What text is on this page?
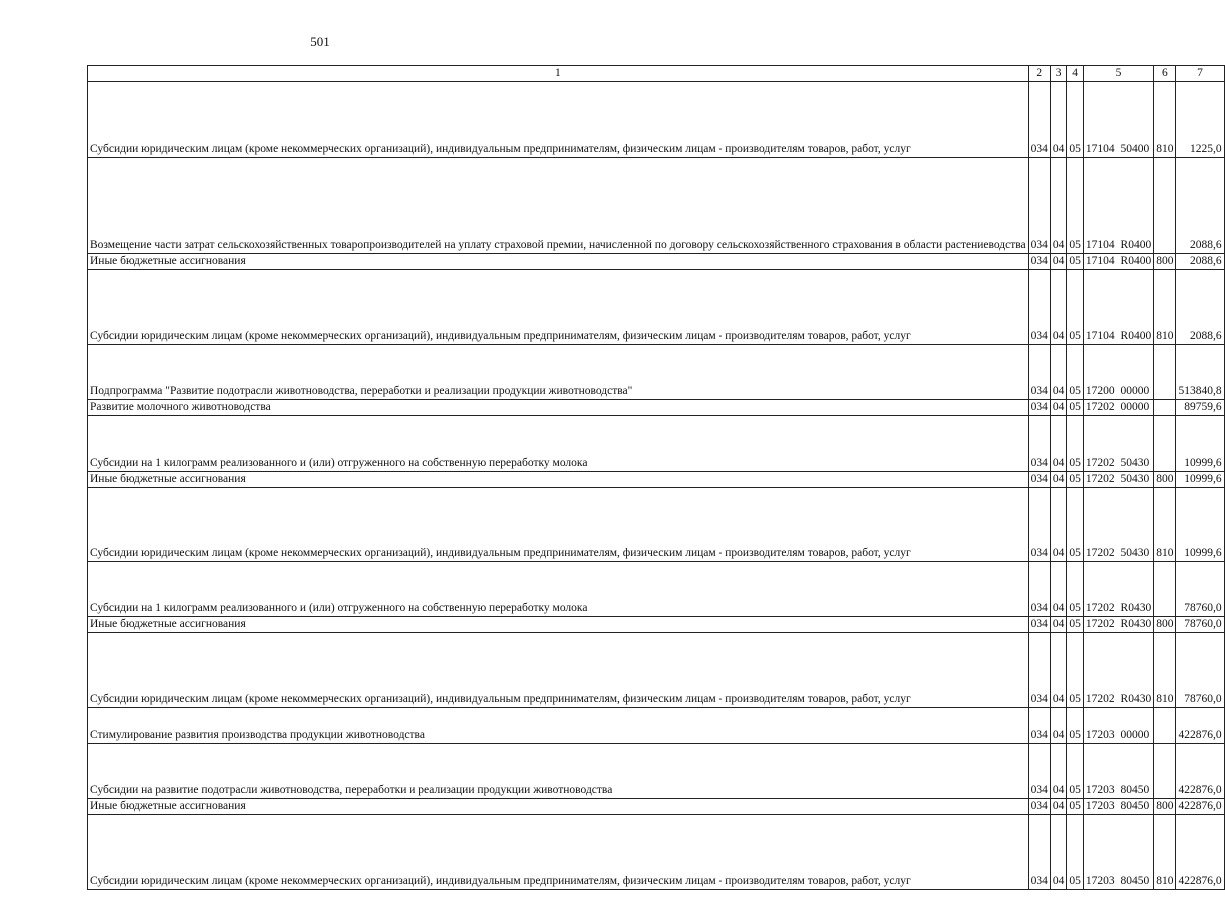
501
1	2	3	4	5	6	7
Субсидии юридическим лицам (кроме некоммерческих организаций), индивидуальным предпринимателям, физическим лицам - производителям товаров, работ, услуг	034	04	05	17104 50400	810	1225,0
Возмещение части затрат сельскохозяйственных товаропроизводителей на уплату страховой премии, начисленной по договору сельскохозяйственного страхования в области растениеводства	034	04	05	17104 R0400		2088,6
Иные бюджетные ассигнования	034	04	05	17104 R0400	800	2088,6
Субсидии юридическим лицам (кроме некоммерческих организаций), индивидуальным предпринимателям, физическим лицам - производителям товаров, работ, услуг	034	04	05	17104 R0400	810	2088,6
Подпрограмма "Развитие подотрасли животноводства, переработки и реализации продукции животноводства"	034	04	05	17200 00000		513840,8
Развитие молочного животноводства	034	04	05	17202 00000		89759,6
Субсидии на 1 килограмм реализованного и (или) отгруженного на собственную переработку молока	034	04	05	17202 50430		10999,6
Иные бюджетные ассигнования	034	04	05	17202 50430	800	10999,6
Субсидии юридическим лицам (кроме некоммерческих организаций), индивидуальным предпринимателям, физическим лицам - производителям товаров, работ, услуг	034	04	05	17202 50430	810	10999,6
Субсидии на 1 килограмм реализованного и (или) отгруженного на собственную переработку молока	034	04	05	17202 R0430		78760,0
Иные бюджетные ассигнования	034	04	05	17202 R0430	800	78760,0
Субсидии юридическим лицам (кроме некоммерческих организаций), индивидуальным предпринимателям, физическим лицам - производителям товаров, работ, услуг	034	04	05	17202 R0430	810	78760,0
Стимулирование развития производства продукции животноводства	034	04	05	17203 00000		422876,0
Субсидии на развитие подотрасли животноводства, переработки и реализации продукции животноводства	034	04	05	17203 80450		422876,0
Иные бюджетные ассигнования	034	04	05	17203 80450	800	422876,0
Субсидии юридическим лицам (кроме некоммерческих организаций), индивидуальным предпринимателям, физическим лицам - производителям товаров, работ, услуг	034	04	05	17203 80450	810	422876,0
